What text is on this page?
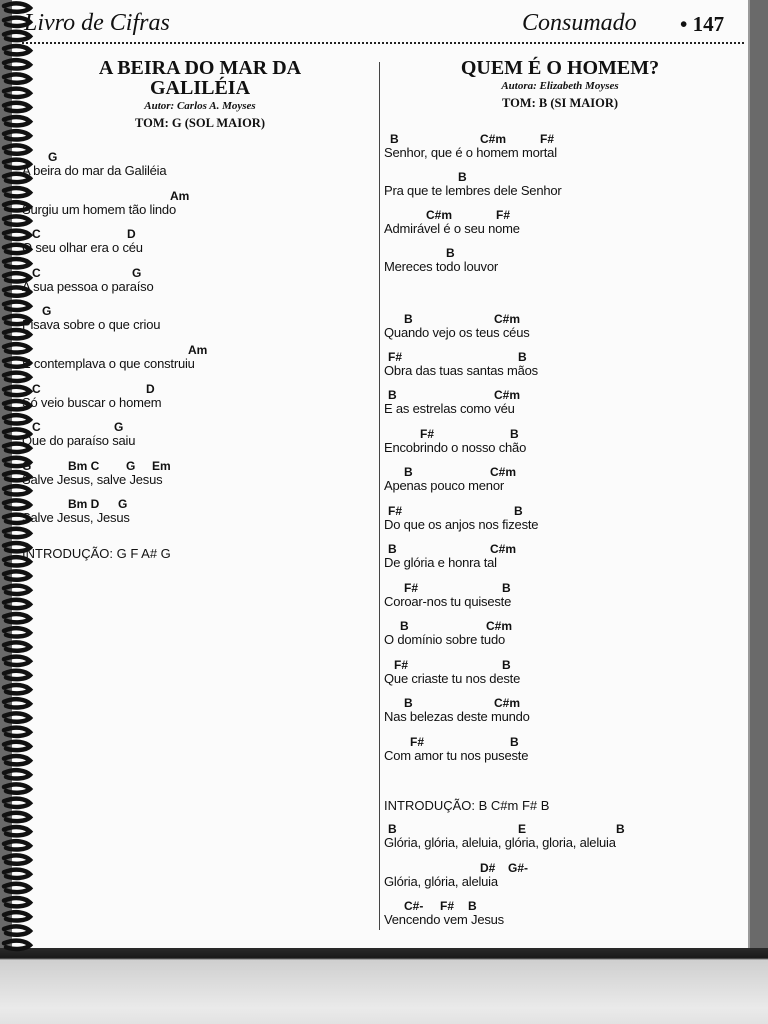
Livro de Cifras	Consumado • 147
A BEIRA DO MAR DA
GALILÉIA
Autor: Carlos A. Moyses
TOM: G (SOL MAIOR)
G
A beira do mar da Galiléia
Am
Surgiu um homem tão lindo
C	D
O seu olhar era o céu
C	G
A sua pessoa o paraíso
G
Pisava sobre o que criou
Am
E contemplava o que construiu
C	D
Só veio buscar o homem
C	G
Que do paraíso saiu
G	Bm C G Em
Salve Jesus, salve Jesus
Bm D G
Salve Jesus, Jesus
INTRODUÇÃO: G F A# G
QUEM É O HOMEM?
Autora: Elizabeth Moyses
TOM: B (SI MAIOR)
B	C#m	F#
Senhor, que é o homem mortal
B
Pra que te lembres dele Senhor
C#m	F#
Admirável é o seu nome
B
Mereces todo louvor
B	C#m
Quando vejo os teus céus
F#	B
Obra das tuas santas mãos
B	C#m
E as estrelas como véu
F#	B
Encobrindo o nosso chão
B	C#m
Apenas pouco menor
F#	B
Do que os anjos nos fizeste
B	C#m
De glória e honra tal
F#	B
Coroar-nos tu quiseste
B	C#m
O domínio sobre tudo
F#	B
Que criaste tu nos deste
B	C#m
Nas belezas deste mundo
F#	B
Com amor tu nos puseste
INTRODUÇÃO: B C#m F# B
B	E	B
Glória, glória, aleluia, glória, gloria, aleluia
D# G#-
Glória, glória, aleluia
C#- F# B
Vencendo vem Jesus
